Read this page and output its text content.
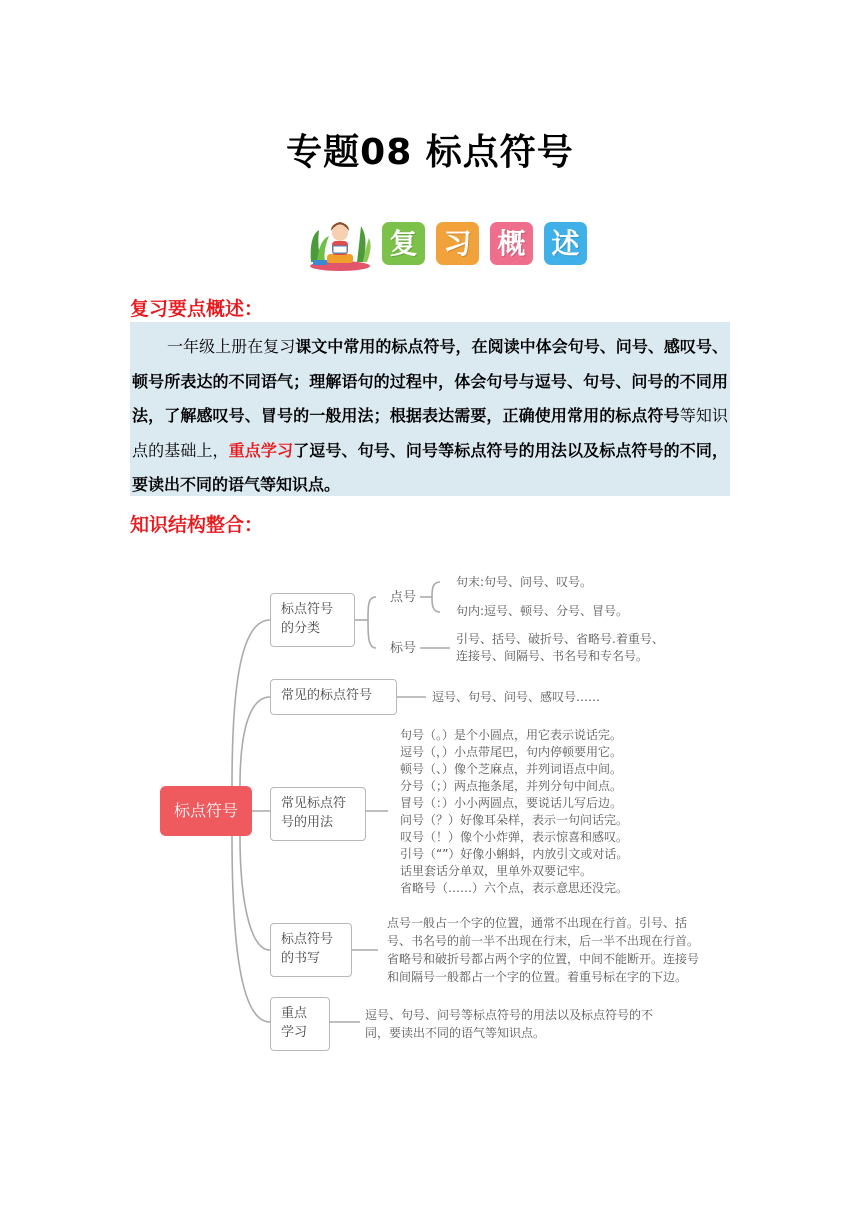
专题08 标点符号
复 习 概 述
复习要点概述：

一年级上册在复习课文中常用的标点符号，在阅读中体会句号、问号、感叹号、顿号所表达的不同语气；理解语句的过程中，体会句号与逗号、句号、问号的不同用法，了解感叹号、冒号的一般用法；根据表达需要，正确使用常用的标点符号等知识点的基础上，重点学习了逗号、句号、问号等标点符号的用法以及标点符号的不同，要读出不同的语气等知识点。

知识结构整合：
标点符号
标点符号
的分类
点号
句末:句号、问号、叹号。
句内:逗号、顿号、分号、冒号。
标号
引号、括号、破折号、省略号.着重号、
连接号、间隔号、书名号和专名号。
常见的标点符号	逗号、句号、问号、感叹号……
常见标点符
号的用法
句号（。）是个小圆点，用它表示说话完。
逗号（，）小点带尾巴，句内停顿要用它。
顿号（、）像个芝麻点，并列词语点中间。
分号（；）两点拖条尾，并列分句中间点。
冒号（：）小小两圆点，要说话儿写后边。
问号（？）好像耳朵样，表示一句问话完。
叹号（！）像个小炸弹，表示惊喜和感叹。
引号（“”）好像小蝌蚪，内放引文或对话。
话里套话分单双，里单外双要记牢。
省略号（……）六个点，表示意思还没完。
标点符号
的书写
点号一般占一个字的位置，通常不出现在行首。引号、括
号、书名号的前一半不出现在行末，后一半不出现在行首。
省略号和破折号都占两个字的位置，中间不能断开。连接号
和间隔号一般都占一个字的位置。着重号标在字的下边。
重点
学习
逗号、句号、问号等标点符号的用法以及标点符号的不
同，要读出不同的语气等知识点。
